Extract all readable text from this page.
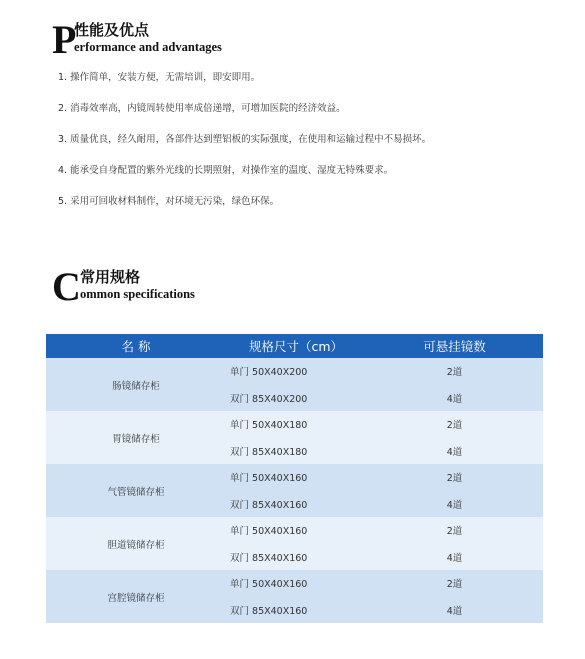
P
性能及优点
erformance and advantages
1. 操作简单，安装方便，无需培训，即安即用。
2. 消毒效率高，内镜周转使用率成倍递增，可增加医院的经济效益。
3. 质量优良，经久耐用，各部件达到塑铝板的实际强度，在使用和运输过程中不易损坏。
4. 能承受自身配置的紫外光线的长期照射，对操作室的温度、湿度无特殊要求。
5. 采用可回收材料制作，对环境无污染，绿色环保。
C 常用规格
ommon specifications
名 称	规格尺寸（cm）	可悬挂镜数
肠镜储存柜	单门 50X40X200	2道
	双门 85X40X200	4道
胃镜储存柜	单门 50X40X180	2道
	双门 85X40X180	4道
气管镜储存柜	单门 50X40X160	2道
	双门 85X40X160	4道
胆道镜储存柜	单门 50X40X160	2道
	双门 85X40X160	4道
宫腔镜储存柜	单门 50X40X160	2道
	双门 85X40X160	4道
